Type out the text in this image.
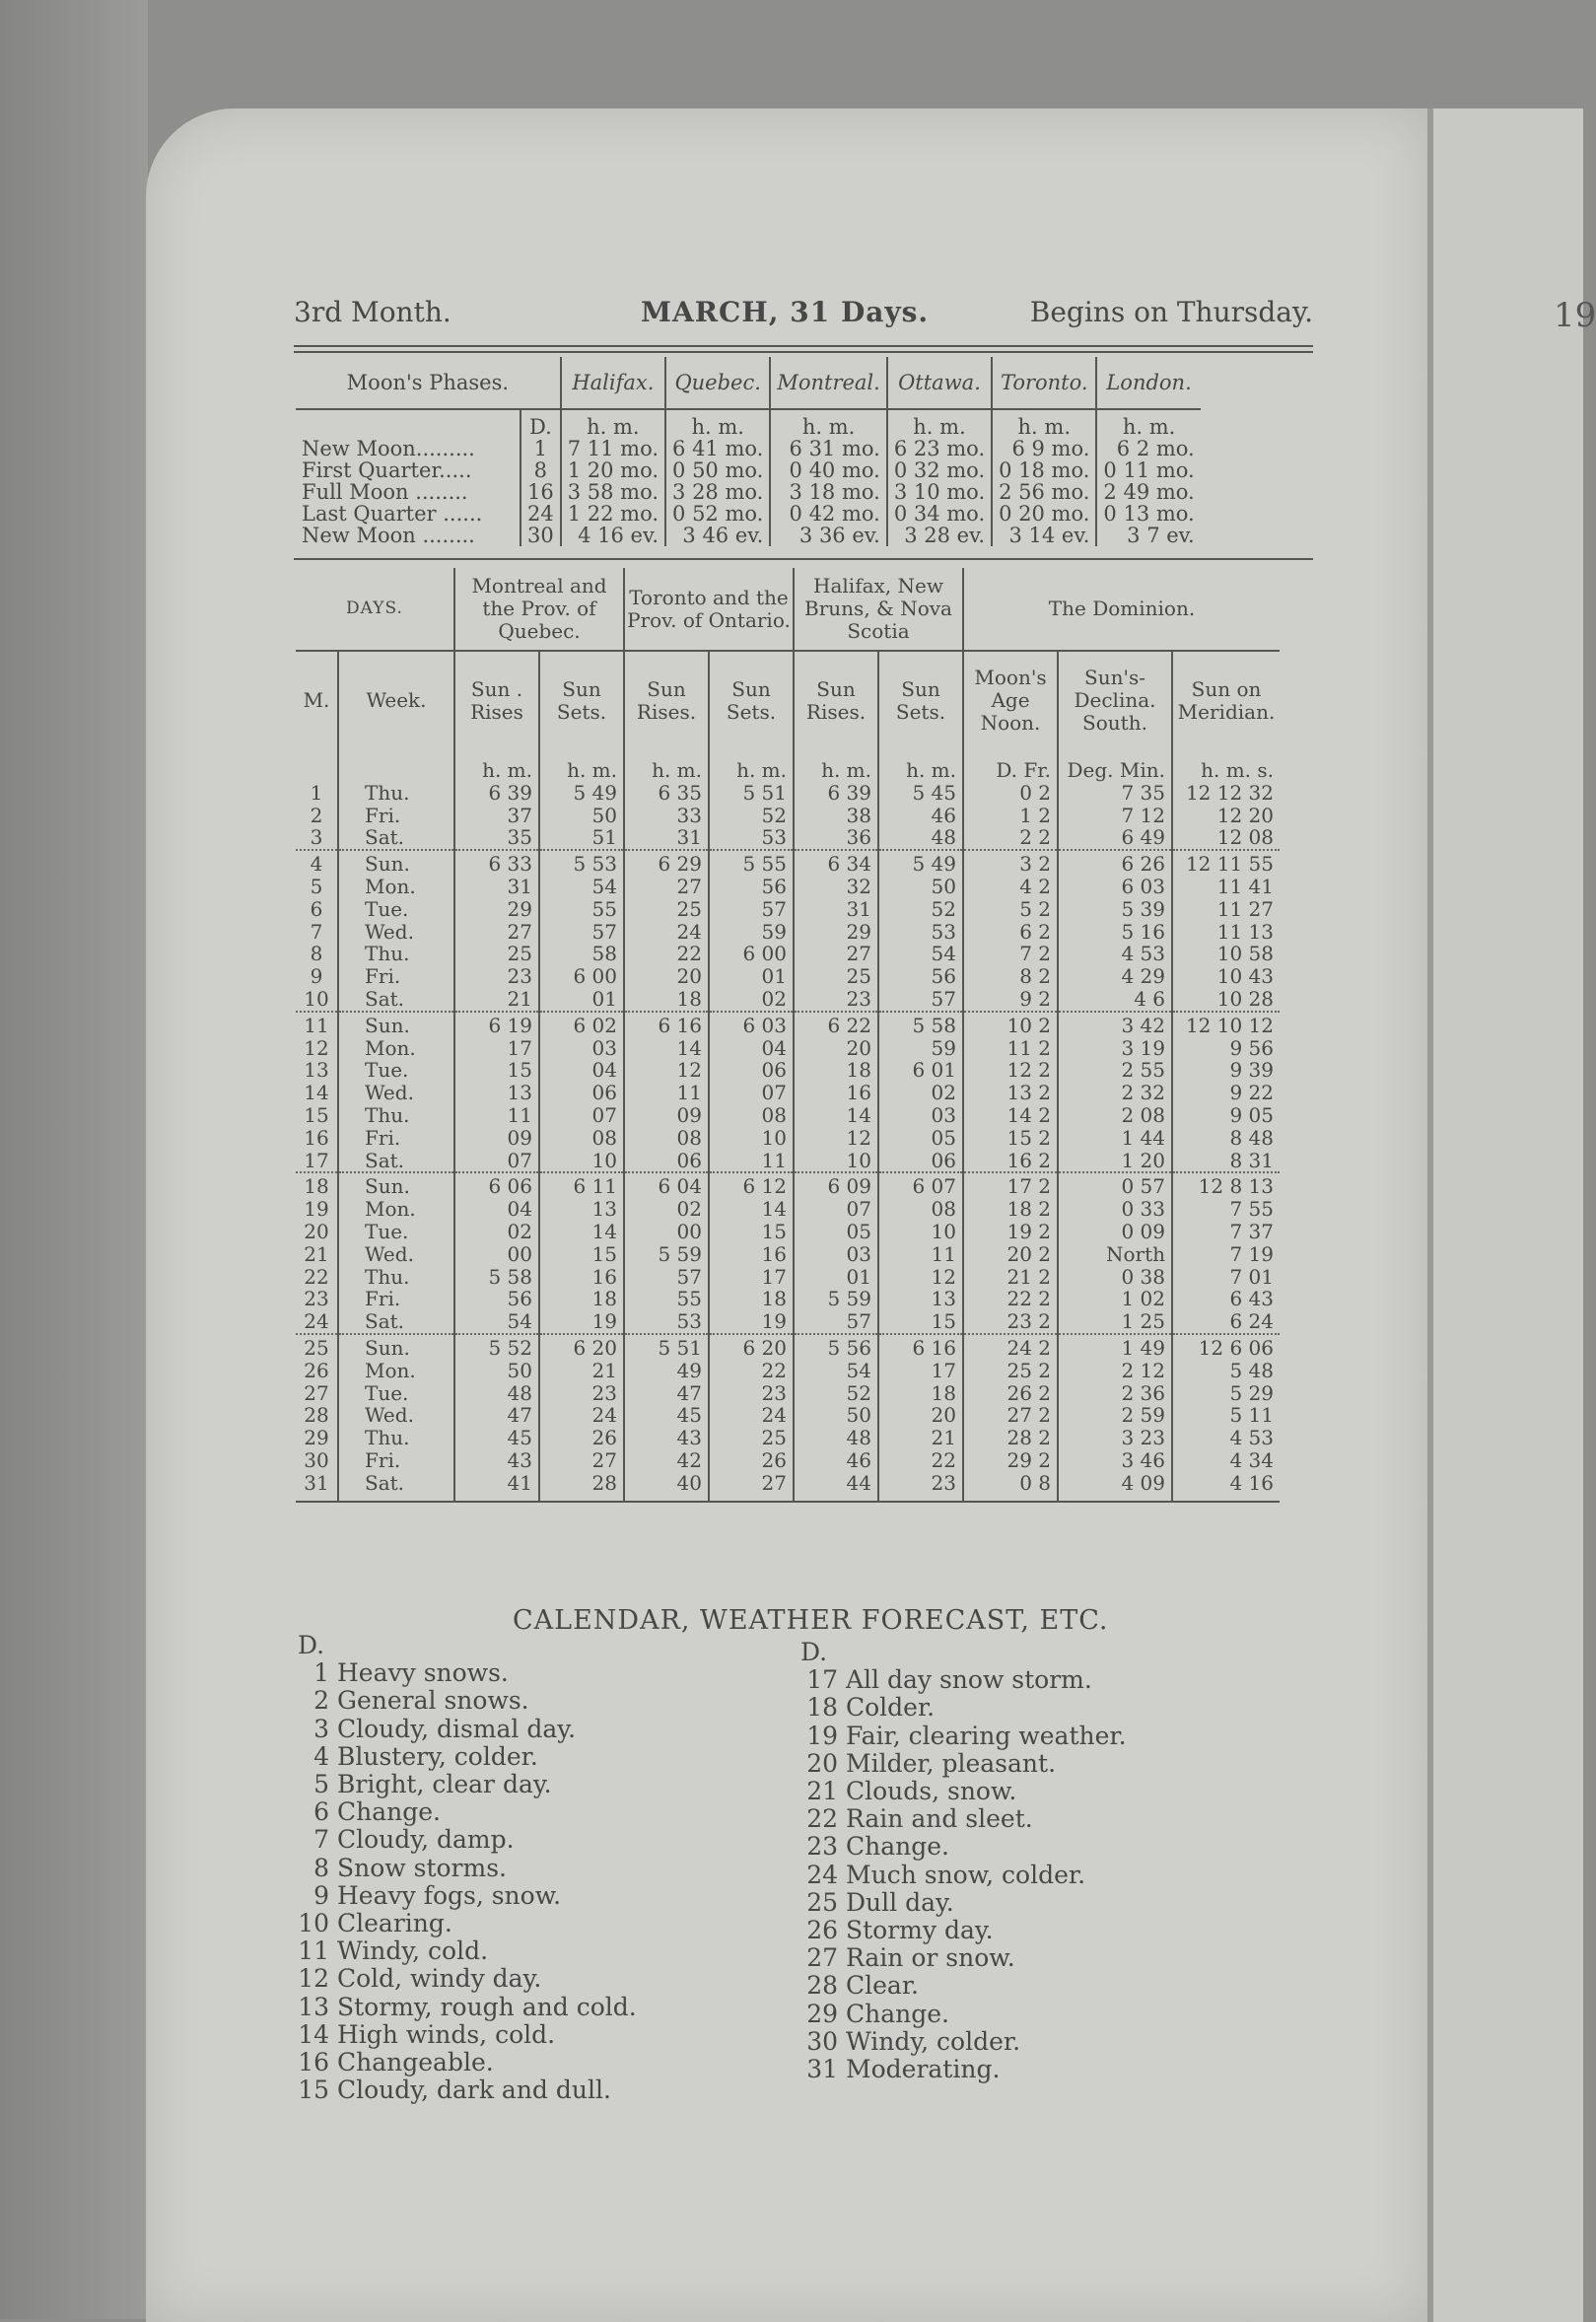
19
3rd Month.	MARCH, 31 Days.	Begins on Thursday.
Moon's Phases.		Halifax.	Quebec.	Montreal.	Ottawa.	Toronto.	London.
	D.	h. m.	h. m.	h. m.	h. m.	h. m.	h. m.
New Moon.........	1	7 11 mo.	6 41 mo.	6 31 mo.	6 23 mo.	6 9 mo.	6 2 mo.
First Quarter.....	8	1 20 mo.	0 50 mo.	0 40 mo.	0 32 mo.	0 18 mo.	0 11 mo.
Full Moon ........	16	3 58 mo.	3 28 mo.	3 18 mo.	3 10 mo.	2 56 mo.	2 49 mo.
Last Quarter ......	24	1 22 mo.	0 52 mo.	0 42 mo.	0 34 mo.	0 20 mo.	0 13 mo.
New Moon ........	30	4 16 ev.	3 46 ev.	3 36 ev.	3 28 ev.	3 14 ev.	3 7 ev.
DAYS.		Montreal and the Prov. of Quebec.		Toronto and the Prov. of Ontario.		Halifax, New Bruns, & Nova Scotia		The Dominion.		
M.	Week.	Sun . Rises	Sun Sets.	Sun Rises.	Sun Sets.	Sun Rises.	Sun Sets.	Moon's Age Noon.	Sun's- Declina. South.	Sun on Meridian.
		h. m.	h. m.	h. m.	h. m.	h. m.	h. m.	D. Fr.	Deg. Min.	h. m. s.
1	Thu.	6 39	5 49	6 35	5 51	6 39	5 45	0 2	7 35	12 12 32
2	Fri.	37	50	33	52	38	46	1 2	7 12	12 20
3	Sat.	35	51	31	53	36	48	2 2	6 49	12 08
4	Sun.	6 33	5 53	6 29	5 55	6 34	5 49	3 2	6 26	12 11 55
5	Mon.	31	54	27	56	32	50	4 2	6 03	11 41
6	Tue.	29	55	25	57	31	52	5 2	5 39	11 27
7	Wed.	27	57	24	59	29	53	6 2	5 16	11 13
8	Thu.	25	58	22	6 00	27	54	7 2	4 53	10 58
9	Fri.	23	6 00	20	01	25	56	8 2	4 29	10 43
10	Sat.	21	01	18	02	23	57	9 2	4 6	10 28
11	Sun.	6 19	6 02	6 16	6 03	6 22	5 58	10 2	3 42	12 10 12
12	Mon.	17	03	14	04	20	59	11 2	3 19	9 56
13	Tue.	15	04	12	06	18	6 01	12 2	2 55	9 39
14	Wed.	13	06	11	07	16	02	13 2	2 32	9 22
15	Thu.	11	07	09	08	14	03	14 2	2 08	9 05
16	Fri.	09	08	08	10	12	05	15 2	1 44	8 48
17	Sat.	07	10	06	11	10	06	16 2	1 20	8 31
18	Sun.	6 06	6 11	6 04	6 12	6 09	6 07	17 2	0 57	12 8 13
19	Mon.	04	13	02	14	07	08	18 2	0 33	7 55
20	Tue.	02	14	00	15	05	10	19 2	0 09	7 37
21	Wed.	00	15	5 59	16	03	11	20 2	North	7 19
22	Thu.	5 58	16	57	17	01	12	21 2	0 38	7 01
23	Fri.	56	18	55	18	5 59	13	22 2	1 02	6 43
24	Sat.	54	19	53	19	57	15	23 2	1 25	6 24
25	Sun.	5 52	6 20	5 51	6 20	5 56	6 16	24 2	1 49	12 6 06
26	Mon.	50	21	49	22	54	17	25 2	2 12	5 48
27	Tue.	48	23	47	23	52	18	26 2	2 36	5 29
28	Wed.	47	24	45	24	50	20	27 2	2 59	5 11
29	Thu.	45	26	43	25	48	21	28 2	3 23	4 53
30	Fri.	43	27	42	26	46	22	29 2	3 46	4 34
31	Sat.	41	28	40	27	44	23	0 8	4 09	4 16
CALENDAR, WEATHER FORECAST, ETC.
D.
1 Heavy snows.
2 General snows.
3 Cloudy, dismal day.
4 Blustery, colder.
5 Bright, clear day.
6 Change.
7 Cloudy, damp.
8 Snow storms.
9 Heavy fogs, snow.
10 Clearing.
11 Windy, cold.
12 Cold, windy day.
13 Stormy, rough and cold.
14 High winds, cold.
16 Changeable.
15 Cloudy, dark and dull.
D.
17 All day snow storm.
18 Colder.
19 Fair, clearing weather.
20 Milder, pleasant.
21 Clouds, snow.
22 Rain and sleet.
23 Change.
24 Much snow, colder.
25 Dull day.
26 Stormy day.
27 Rain or snow.
28 Clear.
29 Change.
30 Windy, colder.
31 Moderating.
